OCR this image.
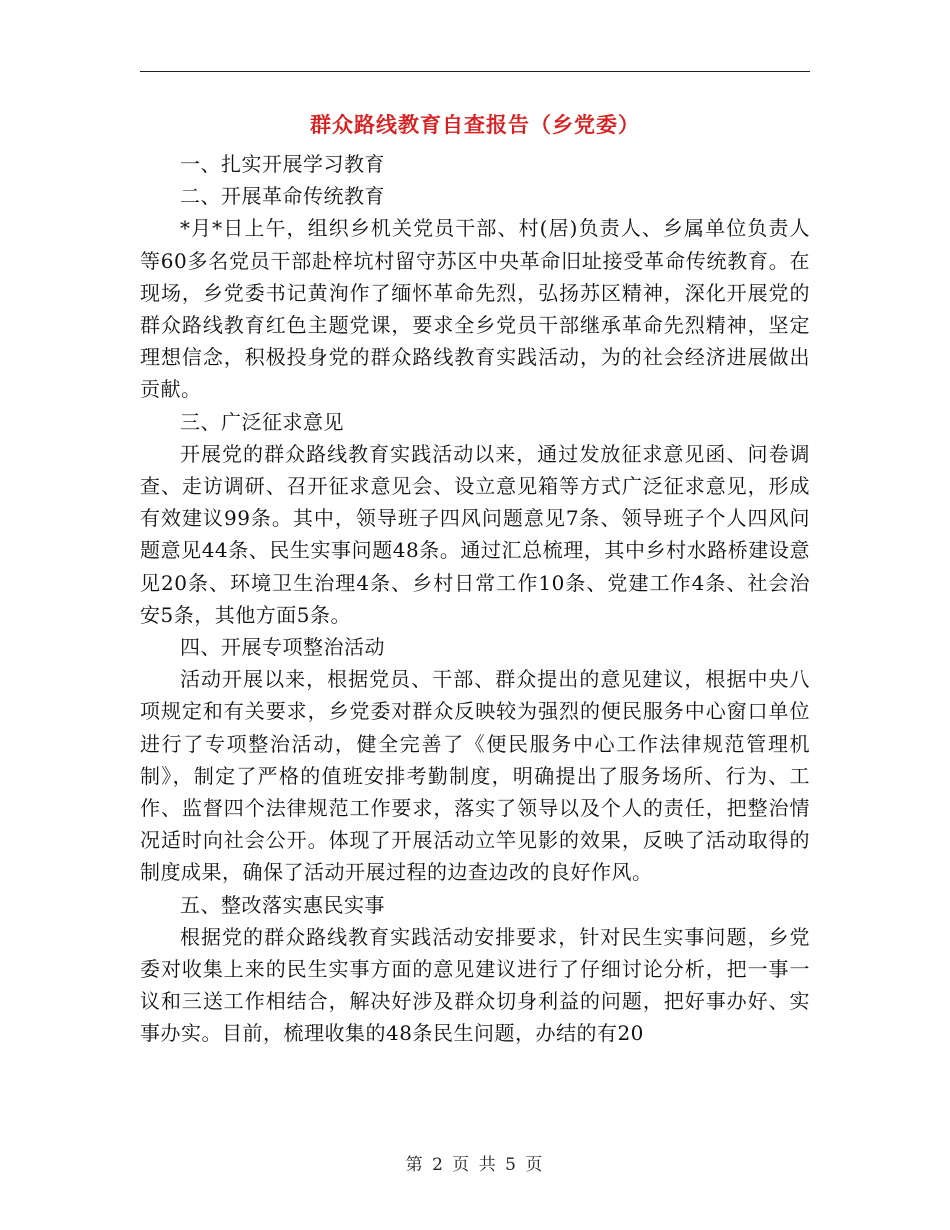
群众路线教育自查报告（乡党委）

一、扎实开展学习教育

二、开展革命传统教育

*月*日上午，组织乡机关党员干部、村(居)负责人、乡属单位负责人等60多名党员干部赴梓坑村留守苏区中央革命旧址接受革命传统教育。在现场，乡党委书记黄洵作了缅怀革命先烈，弘扬苏区精神，深化开展党的群众路线教育红色主题党课，要求全乡党员干部继承革命先烈精神，坚定理想信念，积极投身党的群众路线教育实践活动，为的社会经济进展做出贡献。

三、广泛征求意见

开展党的群众路线教育实践活动以来，通过发放征求意见函、问卷调查、走访调研、召开征求意见会、设立意见箱等方式广泛征求意见，形成有效建议99条。其中，领导班子四风问题意见7条、领导班子个人四风问题意见44条、民生实事问题48条。通过汇总梳理，其中乡村水路桥建设意见20条、环境卫生治理4条、乡村日常工作10条、党建工作4条、社会治安5条，其他方面5条。

四、开展专项整治活动

活动开展以来，根据党员、干部、群众提出的意见建议，根据中央八项规定和有关要求，乡党委对群众反映较为强烈的便民服务中心窗口单位进行了专项整治活动，健全完善了《便民服务中心工作法律规范管理机制》，制定了严格的值班安排考勤制度，明确提出了服务场所、行为、工作、监督四个法律规范工作要求，落实了领导以及个人的责任，把整治情况适时向社会公开。体现了开展活动立竿见影的效果，反映了活动取得的制度成果，确保了活动开展过程的边查边改的良好作风。

五、整改落实惠民实事

根据党的群众路线教育实践活动安排要求，针对民生实事问题，乡党委对收集上来的民生实事方面的意见建议进行了仔细讨论分析，把一事一议和三送工作相结合，解决好涉及群众切身利益的问题，把好事办好、实事办实。目前，梳理收集的48条民生问题，办结的有20

第 2 页 共 5 页
